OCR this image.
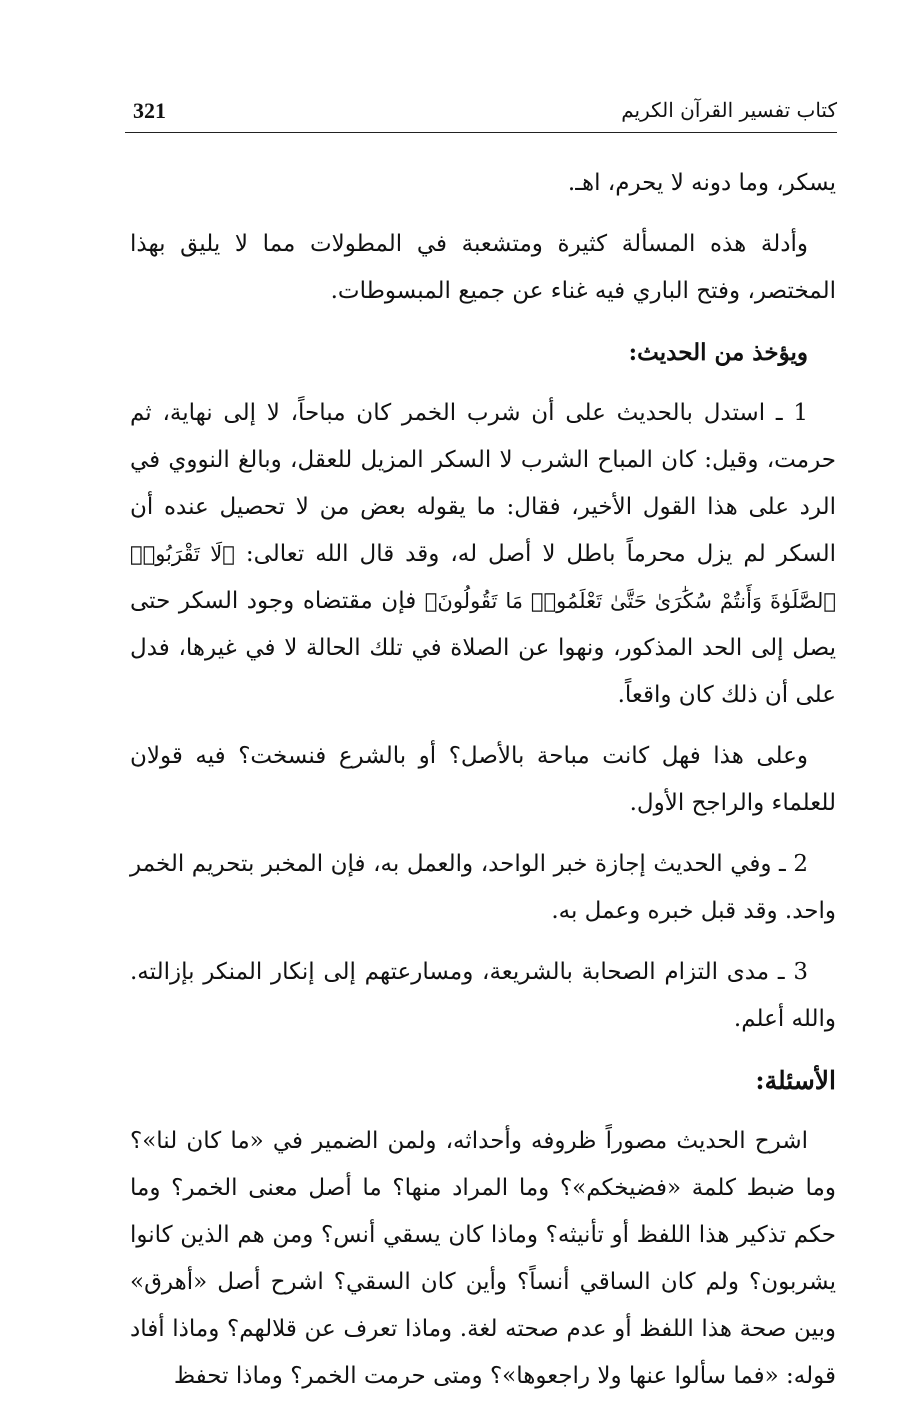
321	كتاب تفسير القرآن الكريم

يسكر، وما دونه لا يحرم، اهـ.

وأدلة هذه المسألة كثيرة ومتشعبة في المطولات مما لا يليق بهذا المختصر، وفتح الباري فيه غناء عن جميع المبسوطات.

ويؤخذ من الحديث:

1 ـ استدل بالحديث على أن شرب الخمر كان مباحاً، لا إلى نهاية، ثم حرمت، وقيل: كان المباح الشرب لا السكر المزيل للعقل، وبالغ النووي في الرد على هذا القول الأخير، فقال: ما يقوله بعض من لا تحصيل عنده أن السكر لم يزل محرماً باطل لا أصل له، وقد قال الله تعالى: ﴿لَا تَقْرَبُوا۟ ٱلصَّلَوٰةَ وَأَنتُمْ سُكَٰرَىٰ حَتَّىٰ تَعْلَمُوا۟ مَا تَقُولُونَ﴾ فإن مقتضاه وجود السكر حتى يصل إلى الحد المذكور، ونهوا عن الصلاة في تلك الحالة لا في غيرها، فدل على أن ذلك كان واقعاً.

وعلى هذا فهل كانت مباحة بالأصل؟ أو بالشرع فنسخت؟ فيه قولان للعلماء والراجح الأول.

2 ـ وفي الحديث إجازة خبر الواحد، والعمل به، فإن المخبر بتحريم الخمر واحد. وقد قبل خبره وعمل به.

3 ـ مدى التزام الصحابة بالشريعة، ومسارعتهم إلى إنكار المنكر بإزالته. والله أعلم.

الأسئلة:

اشرح الحديث مصوراً ظروفه وأحداثه، ولمن الضمير في «ما كان لنا»؟ وما ضبط كلمة «فضيخكم»؟ وما المراد منها؟ ما أصل معنى الخمر؟ وما حكم تذكير هذا اللفظ أو تأنيثه؟ وماذا كان يسقي أنس؟ ومن هم الذين كانوا يشربون؟ ولم كان الساقي أنساً؟ وأين كان السقي؟ اشرح أصل «أهرق» وبين صحة هذا اللفظ أو عدم صحته لغة. وماذا تعرف عن قلالهم؟ وماذا أفاد قوله: «فما سألوا عنها ولا راجعوها»؟ ومتى حرمت الخمر؟ وماذا تحفظ
